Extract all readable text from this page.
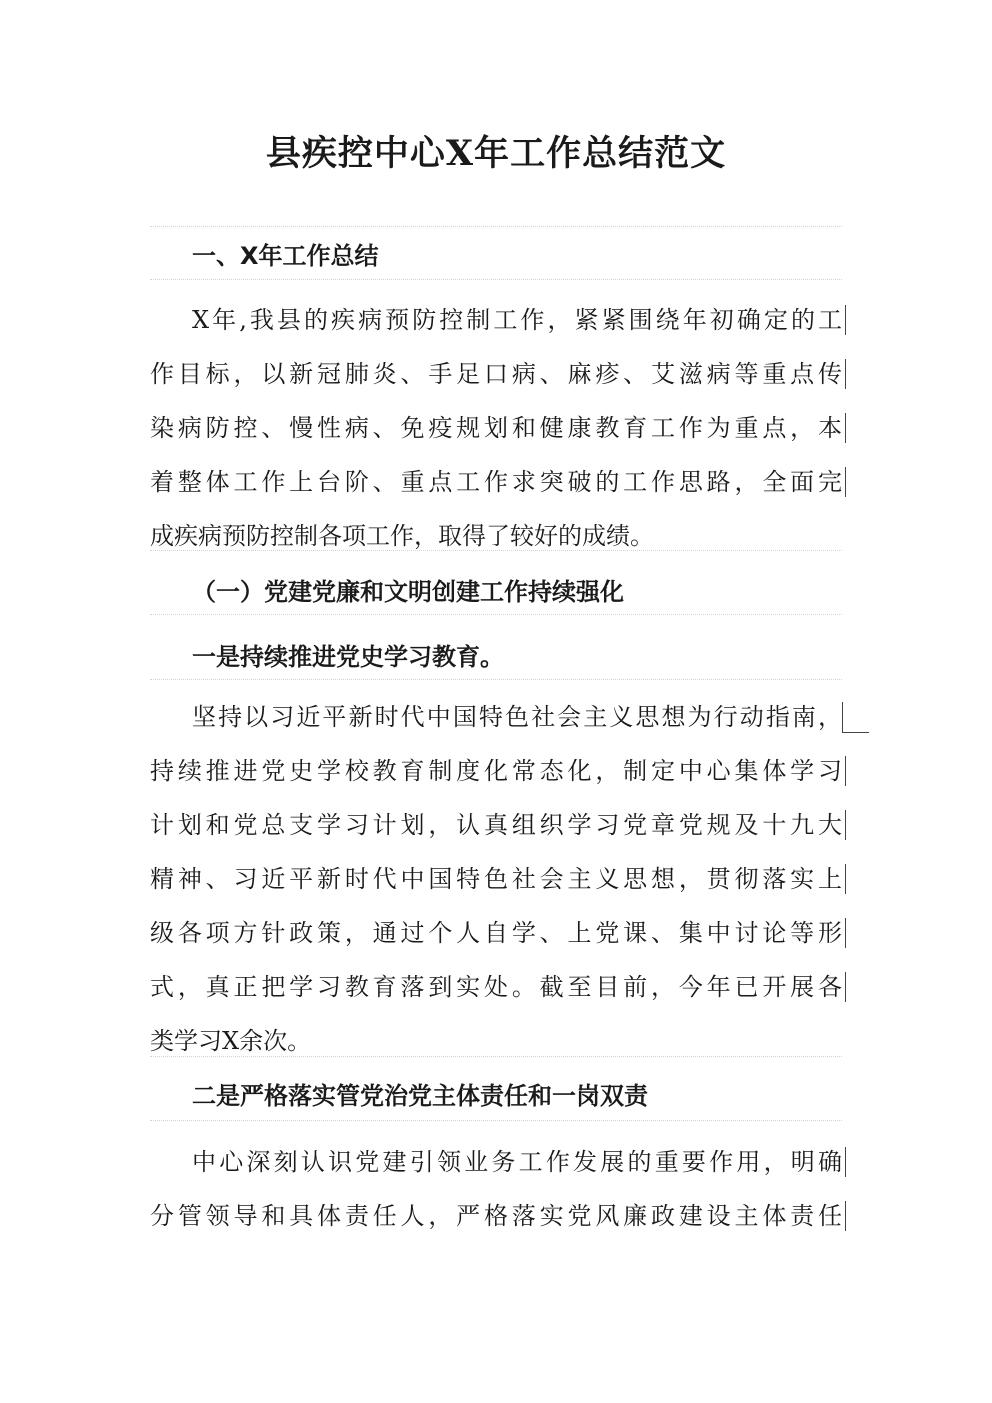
县疾控中心X年工作总结范文
一、X年工作总结
X年,我县的疾病预防控制工作，紧紧围绕年初确定的工
作目标，以新冠肺炎、手足口病、麻疹、艾滋病等重点传
染病防控、慢性病、免疫规划和健康教育工作为重点，本
着整体工作上台阶、重点工作求突破的工作思路，全面完
成疾病预防控制各项工作，取得了较好的成绩。
（一）党建党廉和文明创建工作持续强化
一是持续推进党史学习教育。
坚持以习近平新时代中国特色社会主义思想为行动指南，
持续推进党史学校教育制度化常态化，制定中心集体学习
计划和党总支学习计划，认真组织学习党章党规及十九大
精神、习近平新时代中国特色社会主义思想，贯彻落实上
级各项方针政策，通过个人自学、上党课、集中讨论等形
式，真正把学习教育落到实处。截至目前，今年已开展各
类学习X余次。
二是严格落实管党治党主体责任和一岗双责
中心深刻认识党建引领业务工作发展的重要作用，明确
分管领导和具体责任人，严格落实党风廉政建设主体责任
